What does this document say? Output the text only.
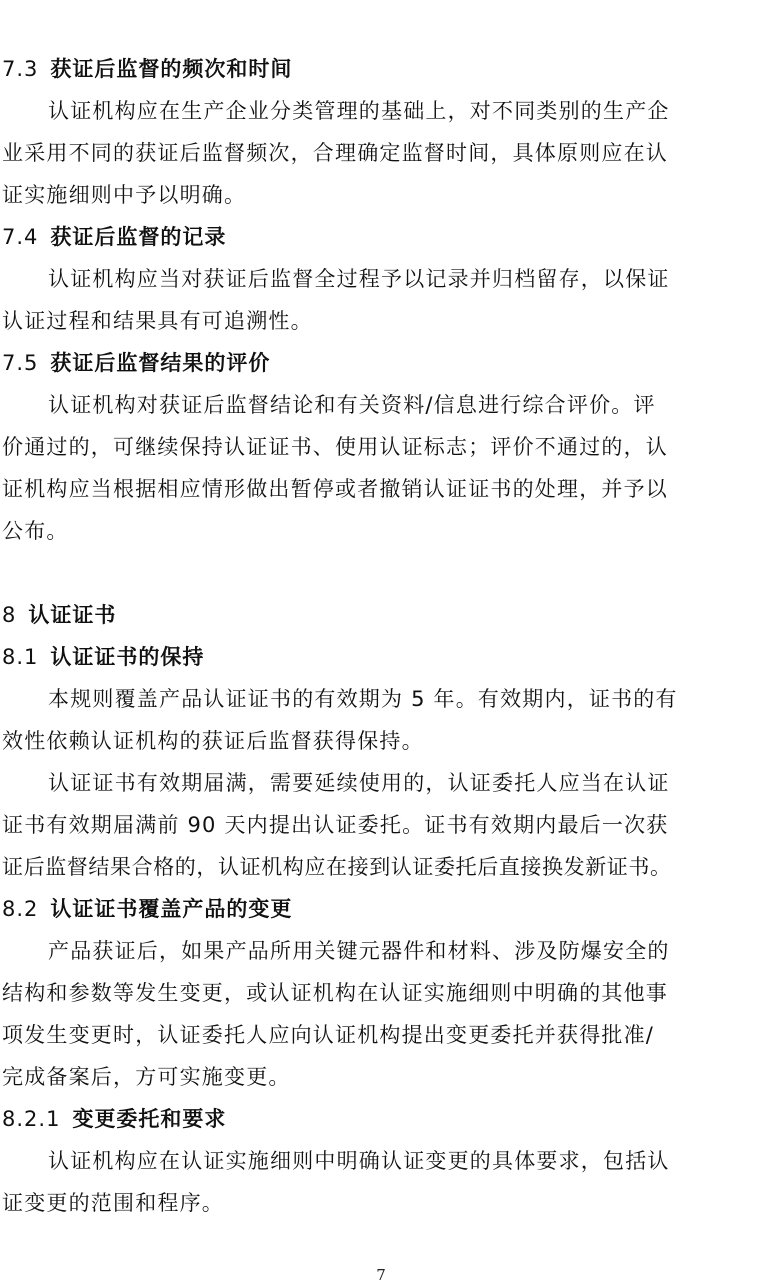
7.3 获证后监督的频次和时间
认证机构应在生产企业分类管理的基础上，对不同类别的生产企
业采用不同的获证后监督频次，合理确定监督时间，具体原则应在认
证实施细则中予以明确。
7.4 获证后监督的记录
认证机构应当对获证后监督全过程予以记录并归档留存，以保证
认证过程和结果具有可追溯性。
7.5 获证后监督结果的评价
认证机构对获证后监督结论和有关资料/信息进行综合评价。评
价通过的，可继续保持认证证书、使用认证标志；评价不通过的，认
证机构应当根据相应情形做出暂停或者撤销认证证书的处理，并予以
公布。
8 认证证书
8.1 认证证书的保持
本规则覆盖产品认证证书的有效期为 5 年。有效期内，证书的有
效性依赖认证机构的获证后监督获得保持。
认证证书有效期届满，需要延续使用的，认证委托人应当在认证
证书有效期届满前 90 天内提出认证委托。证书有效期内最后一次获
证后监督结果合格的，认证机构应在接到认证委托后直接换发新证书。
8.2 认证证书覆盖产品的变更
产品获证后，如果产品所用关键元器件和材料、涉及防爆安全的
结构和参数等发生变更，或认证机构在认证实施细则中明确的其他事
项发生变更时，认证委托人应向认证机构提出变更委托并获得批准/
完成备案后，方可实施变更。
8.2.1 变更委托和要求
认证机构应在认证实施细则中明确认证变更的具体要求，包括认
证变更的范围和程序。
7
